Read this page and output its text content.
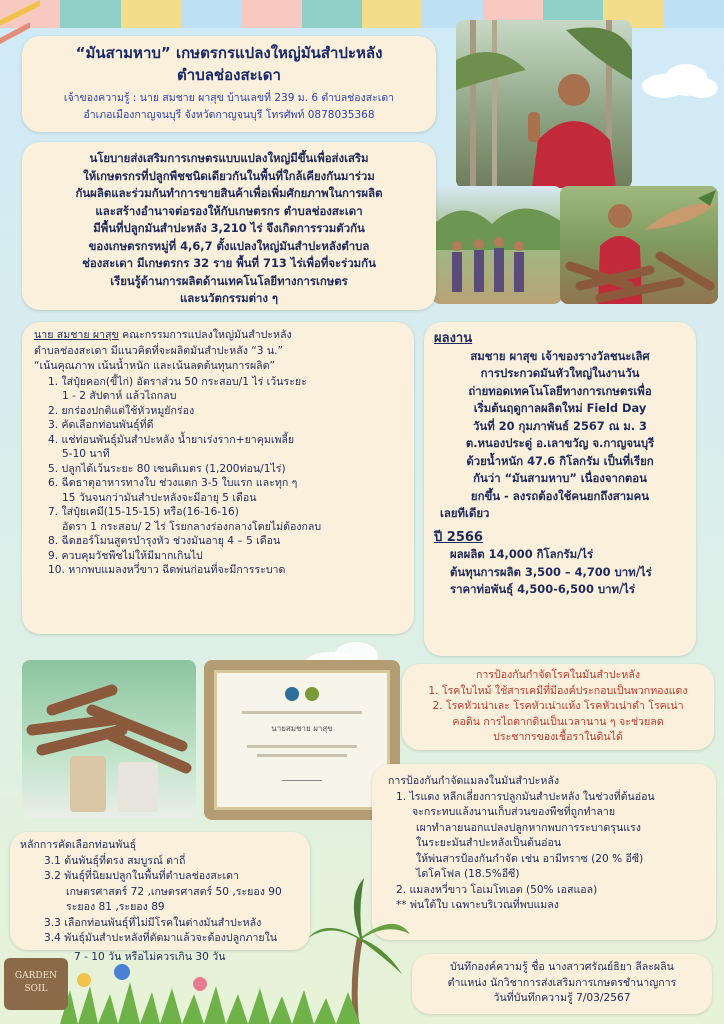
“มันสามหาบ” เกษตรกรแปลงใหญ่มันสำปะหลัง
ตำบลช่องสะเดา
เจ้าของความรู้ : นาย สมชาย ผาสุข บ้านเลขที่ 239 ม. 6 ตำบลช่องสะเดา
อำเภอเมืองกาญจนบุรี จังหวัดกาญจนบุรี โทรศัพท์ 0878035368
นโยบายส่งเสริมการเกษตรแบบแปลงใหญ่มีขึ้นเพื่อส่งเสริม
ให้เกษตรกรที่ปลูกพืชชนิดเดียวกันในพื้นที่ใกล้เคียงกันมาร่วม
กันผลิตและร่วมกันทำการขายสินค้าเพื่อเพิ่มศักยภาพในการผลิต
และสร้างอำนาจต่อรองให้กับเกษตรกร ตำบลช่องสะเดา
มีพื้นที่ปลูกมันสำปะหลัง 3,210 ไร่ จึงเกิดการรวมตัวกัน
ของเกษตรกรหมู่ที่ 4,6,7 ตั้งแปลงใหญ่มันสำปะหลังตำบล
ช่องสะเดา มีเกษตรกร 32 ราย พื้นที่ 713 ไร่เพื่อที่จะร่วมกัน
เรียนรู้ด้านการผลิตด้านเทคโนโลยีทางการเกษตร
และนวัตกรรมต่าง ๆ
นาย สมชาย ผาสุข คณะกรรมการแปลงใหญ่มันสำปะหลัง
ตำบลช่องสะเดา มีแนวคิดที่จะผลิตมันสำปะหลัง “3 น.”
“เน้นคุณภาพ เน้นน้ำหนัก และเน้นลดต้นทุนการผลิต”
1. ใส่ปุ๋ยคอก(ขี้ไก่) อัตราส่วน 50 กระสอบ/1 ไร่ เว้นระยะ
1 - 2 สัปดาห์ แล้วไถกลบ
2. ยกร่องปกติแต่ใช้หัวหมูยักร่อง
3. คัดเลือกท่อนพันธุ์ที่ดี
4. แช่ท่อนพันธุ์มันสำปะหลัง น้ำยาเร่งราก+ยาคุมเพลี้ย
5-10 นาที
5. ปลูกได้เว้นระยะ 80 เซนติเมตร (1,200ท่อน/1ไร่)
6. ฉีดธาตุอาหารทางใบ ช่วงแตก 3-5 ใบแรก และทุก ๆ
15 วันจนกว่ามันสำปะหลังจะมีอายุ 5 เดือน
7. ใส่ปุ๋ยเคมี(15-15-15) หรือ(16-16-16)
อัตรา 1 กระสอบ/ 2 ไร่ โรยกลางร่องกลางโดยไม่ต้องกลบ
8. ฉีดฮอร์โมนสูตรบำรุงหัว ช่วงมันอายุ 4 – 5 เดือน
9. ควบคุมวัชพืชไม่ให้มีมากเกินไป
10. หากพบแมลงหวี่ขาว ฉีดพ่นก่อนที่จะมีการระบาด
ผลงาน
สมชาย ผาสุข เจ้าของรางวัลชนะเลิศ
การประกวดมันหัวใหญ่ในงานวัน
ถ่ายทอดเทคโนโลยีทางการเกษตรเพื่อ
เริ่มต้นฤดูกาลผลิตใหม่ Field Day
วันที่ 20 กุมภาพันธ์ 2567 ณ ม. 3
ต.หนองประดู่ อ.เลาขวัญ จ.กาญจนบุรี
ด้วยน้ำหนัก 47.6 กิโลกรัม เป็นที่เรียก
กันว่า “มันสามหาบ” เนื่องจากตอน
ยกขึ้น - ลงรถต้องใช้คนยกถึงสามคน
เลยทีเดียว
ปี 2566
ผลผลิต 14,000 กิโลกรัม/ไร่
ต้นทุนการผลิต 3,500 – 4,700 บาท/ไร่
ราคาท่อพันธุ์ 4,500-6,500 บาท/ไร่
นายสมชาย ผาสุข
การป้องกันกำจัดโรคในมันสำปะหลัง
1. โรคใบไหม้ ใช้สารเคมีที่มีองค์ประกอบเป็นพวกทองแดง
2. โรคหัวเน่าเละ โรคหัวเน่าแห้ง โรคหัวเน่าดำ โรคเน่า
คอดิน การไถตากดินเป็นเวลานาน ๆ จะช่วยลด
ประชากรของเชื้อราในดินได้
การป้องกันกำจัดแมลงในมันสำปะหลัง
1. ไรแดง หลีกเลี่ยงการปลูกมันสำปะหลัง ในช่วงที่ต้นอ่อน
จะกระทบแล้งนานเก็บส่วนของพืชที่ถูกทำลาย
เผาทำลายนอกแปลงปลูกหากพบการระบาดรุนแรง
ในระยะมันสำปะหลังเป็นต้นอ่อน
ให้พ่นสารป้องกันกำจัด เช่น อามีทราซ (20 % อีซี)
ไดโคโฟล (18.5%อีซี)
2. แมลงหวี่ขาว โอเมโทเอต (50% เอสแอล)
** พ่นใต้ใบ เฉพาะบริเวณที่พบแมลง
หลักการคัดเลือกท่อนพันธุ์
3.1 ต้นพันธุ์ที่ตรง สมบูรณ์ ตาถี่
3.2 พันธุ์ที่นิยมปลูกในพื้นที่ตำบลช่องสะเดา
เกษตรศาสตร์ 72 ,เกษตรศาสตร์ 50 ,ระยอง 90
ระยอง 81 ,ระยอง 89
3.3 เลือกท่อนพันธุ์ที่ไม่มีโรคในต่างมันสำปะหลัง
3.4 พันธุ์มันสำปะหลังที่ตัดมาแล้วจะต้องปลูกภายใน
7 - 10 วัน หรือไม่ควรเกิน 30 วัน
บันทึกองค์ความรู้ ชื่อ นางสาวศรัณย์ธิยา ลีละผลิน
ตำแหน่ง นักวิชาการส่งเสริมการเกษตรชำนาญการ
วันที่บันทึกความรู้ 7/03/2567
GARDEN
SOIL
